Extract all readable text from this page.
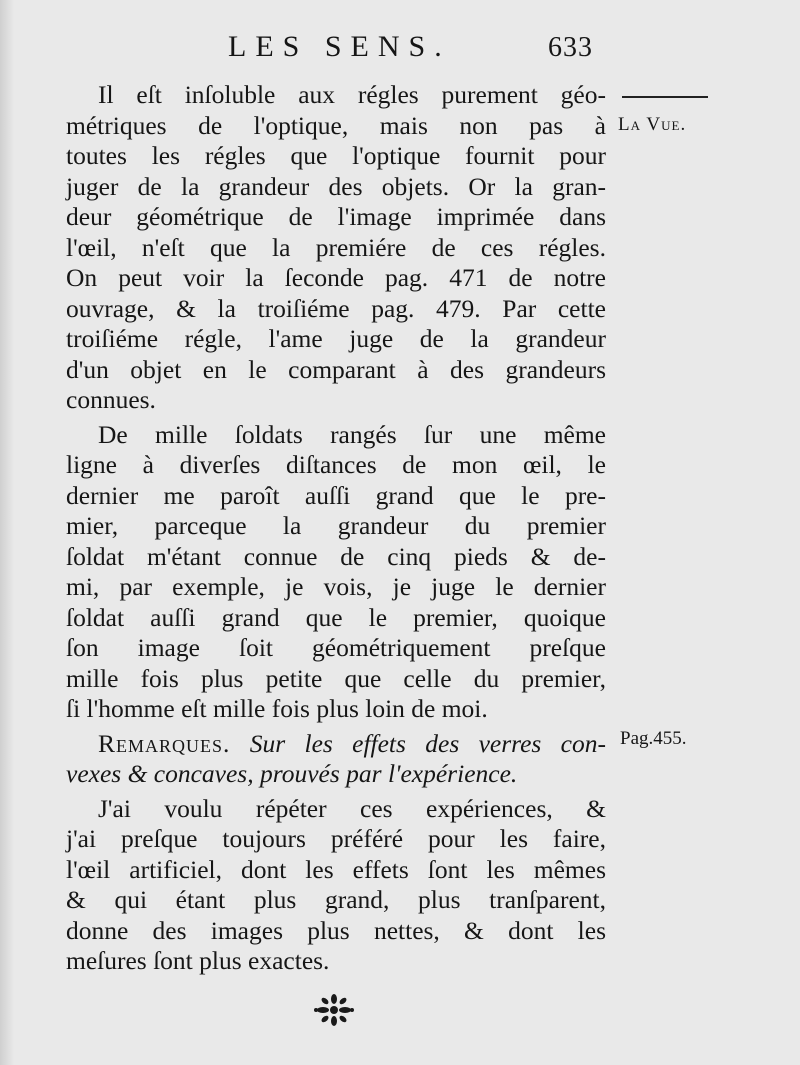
LES SENS.	633
La Vue.
Pag.455.
Il eſt inſoluble aux régles purement géo-
métriques de l'optique, mais non pas à
toutes les régles que l'optique fournit pour
juger de la grandeur des objets. Or la gran-
deur géométrique de l'image imprimée dans
l'œil, n'eſt que la premiére de ces régles.
On peut voir la ſeconde pag. 471 de notre
ouvrage, & la troiſiéme pag. 479. Par cette
troiſiéme régle, l'ame juge de la grandeur
d'un objet en le comparant à des grandeurs
connues.
De mille ſoldats rangés ſur une même
ligne à diverſes diſtances de mon œil, le
dernier me paroît auſſi grand que le pre-
mier, parceque la grandeur du premier
ſoldat m'étant connue de cinq pieds & de-
mi, par exemple, je vois, je juge le dernier
ſoldat auſſi grand que le premier, quoique
ſon image ſoit géométriquement preſque
mille fois plus petite que celle du premier,
ſi l'homme eſt mille fois plus loin de moi.
Remarques. Sur les effets des verres con-
vexes & concaves, prouvés par l'expérience.
J'ai voulu répéter ces expériences, &
j'ai preſque toujours préféré pour les faire,
l'œil artificiel, dont les effets ſont les mêmes
& qui étant plus grand, plus tranſparent,
donne des images plus nettes, & dont les
meſures ſont plus exactes.
